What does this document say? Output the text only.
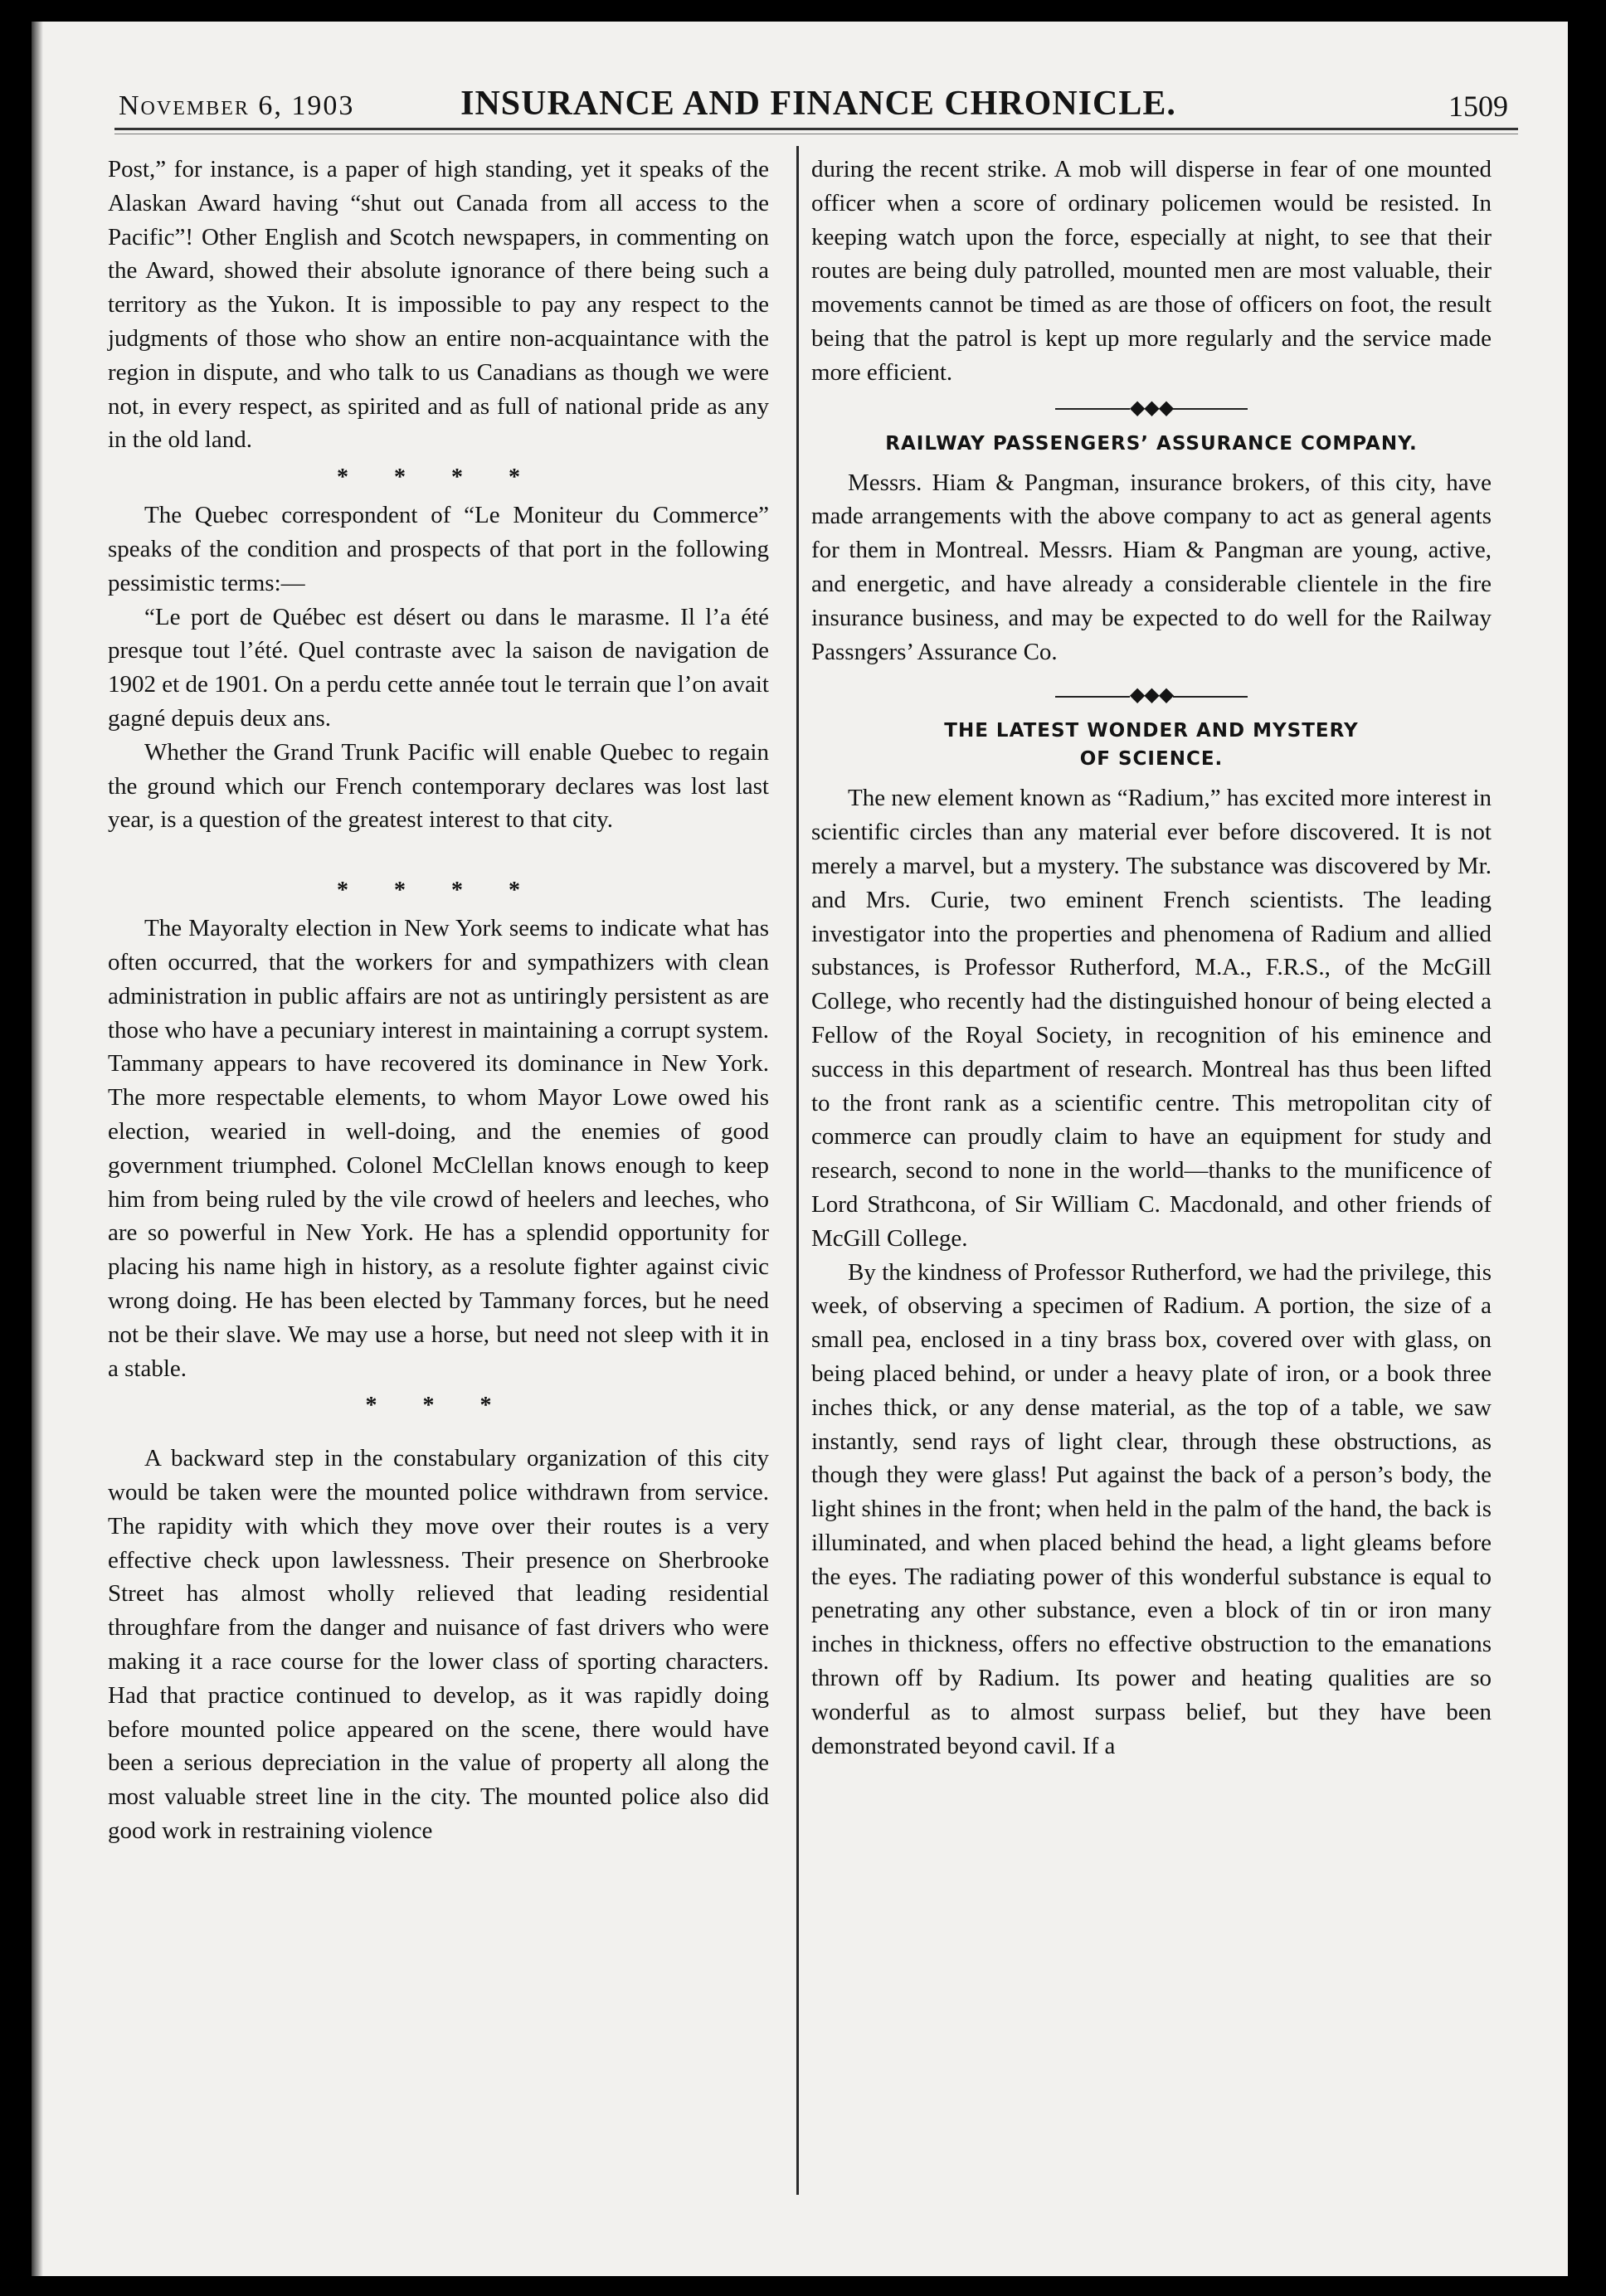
November 6, 1903	INSURANCE AND FINANCE CHRONICLE.	1509

Post,” for instance, is a paper of high standing, yet it speaks of the Alaskan Award having “shut out Canada from all access to the Pacific”! Other English and Scotch newspapers, in commenting on the Award, showed their absolute ignorance of there being such a territory as the Yukon. It is impossible to pay any respect to the judgments of those who show an entire non-acquaintance with the region in dispute, and who talk to us Canadians as though we were not, in every respect, as spirited and as full of national pride as any in the old land.

* * * *

The Quebec correspondent of “Le Moniteur du Commerce” speaks of the condition and prospects of that port in the following pessimistic terms:—

“Le port de Québec est désert ou dans le marasme. Il l’a été presque tout l’été. Quel contraste avec la saison de navigation de 1902 et de 1901. On a perdu cette année tout le terrain que l’on avait gagné depuis deux ans.

Whether the Grand Trunk Pacific will enable Quebec to regain the ground which our French contemporary declares was lost last year, is a question of the greatest interest to that city.

* * * *

The Mayoralty election in New York seems to indicate what has often occurred, that the workers for and sympathizers with clean administration in public affairs are not as untiringly persistent as are those who have a pecuniary interest in maintaining a corrupt system. Tammany appears to have recovered its dominance in New York. The more respectable elements, to whom Mayor Lowe owed his election, wearied in well-doing, and the enemies of good government triumphed. Colonel McClellan knows enough to keep him from being ruled by the vile crowd of heelers and leeches, who are so powerful in New York. He has a splendid opportunity for placing his name high in history, as a resolute fighter against civic wrong doing. He has been elected by Tammany forces, but he need not be their slave. We may use a horse, but need not sleep with it in a stable.

* * *

A backward step in the constabulary organization of this city would be taken were the mounted police withdrawn from service. The rapidity with which they move over their routes is a very effective check upon lawlessness. Their presence on Sherbrooke Street has almost wholly relieved that leading residential throughfare from the danger and nuisance of fast drivers who were making it a race course for the lower class of sporting characters. Had that practice continued to develop, as it was rapidly doing before mounted police appeared on the scene, there would have been a serious depreciation in the value of property all along the most valuable street line in the city. The mounted police also did good work in restraining violence

during the recent strike. A mob will disperse in fear of one mounted officer when a score of ordinary policemen would be resisted. In keeping watch upon the force, especially at night, to see that their routes are being duly patrolled, mounted men are most valuable, their movements cannot be timed as are those of officers on foot, the result being that the patrol is kept up more regularly and the service made more efficient.

◆◆◆
RAILWAY PASSENGERS’ ASSURANCE COMPANY.

Messrs. Hiam & Pangman, insurance brokers, of this city, have made arrangements with the above company to act as general agents for them in Montreal. Messrs. Hiam & Pangman are young, active, and energetic, and have already a considerable clientele in the fire insurance business, and may be expected to do well for the Railway Passngers’ Assurance Co.

◆◆◆
THE LATEST WONDER AND MYSTERY
OF SCIENCE.

The new element known as “Radium,” has excited more interest in scientific circles than any material ever before discovered. It is not merely a marvel, but a mystery. The substance was discovered by Mr. and Mrs. Curie, two eminent French scientists. The leading investigator into the properties and phenomena of Radium and allied substances, is Professor Rutherford, M.A., F.R.S., of the McGill College, who recently had the distinguished honour of being elected a Fellow of the Royal Society, in recognition of his eminence and success in this department of research. Montreal has thus been lifted to the front rank as a scientific centre. This metropolitan city of commerce can proudly claim to have an equipment for study and research, second to none in the world—thanks to the munificence of Lord Strathcona, of Sir William C. Macdonald, and other friends of McGill College.

By the kindness of Professor Rutherford, we had the privilege, this week, of observing a specimen of Radium. A portion, the size of a small pea, enclosed in a tiny brass box, covered over with glass, on being placed behind, or under a heavy plate of iron, or a book three inches thick, or any dense material, as the top of a table, we saw instantly, send rays of light clear, through these obstructions, as though they were glass! Put against the back of a person’s body, the light shines in the front; when held in the palm of the hand, the back is illuminated, and when placed behind the head, a light gleams before the eyes. The radiating power of this wonderful substance is equal to penetrating any other substance, even a block of tin or iron many inches in thickness, offers no effective obstruction to the emanations thrown off by Radium. Its power and heating qualities are so wonderful as to almost surpass belief, but they have been demonstrated beyond cavil. If a
